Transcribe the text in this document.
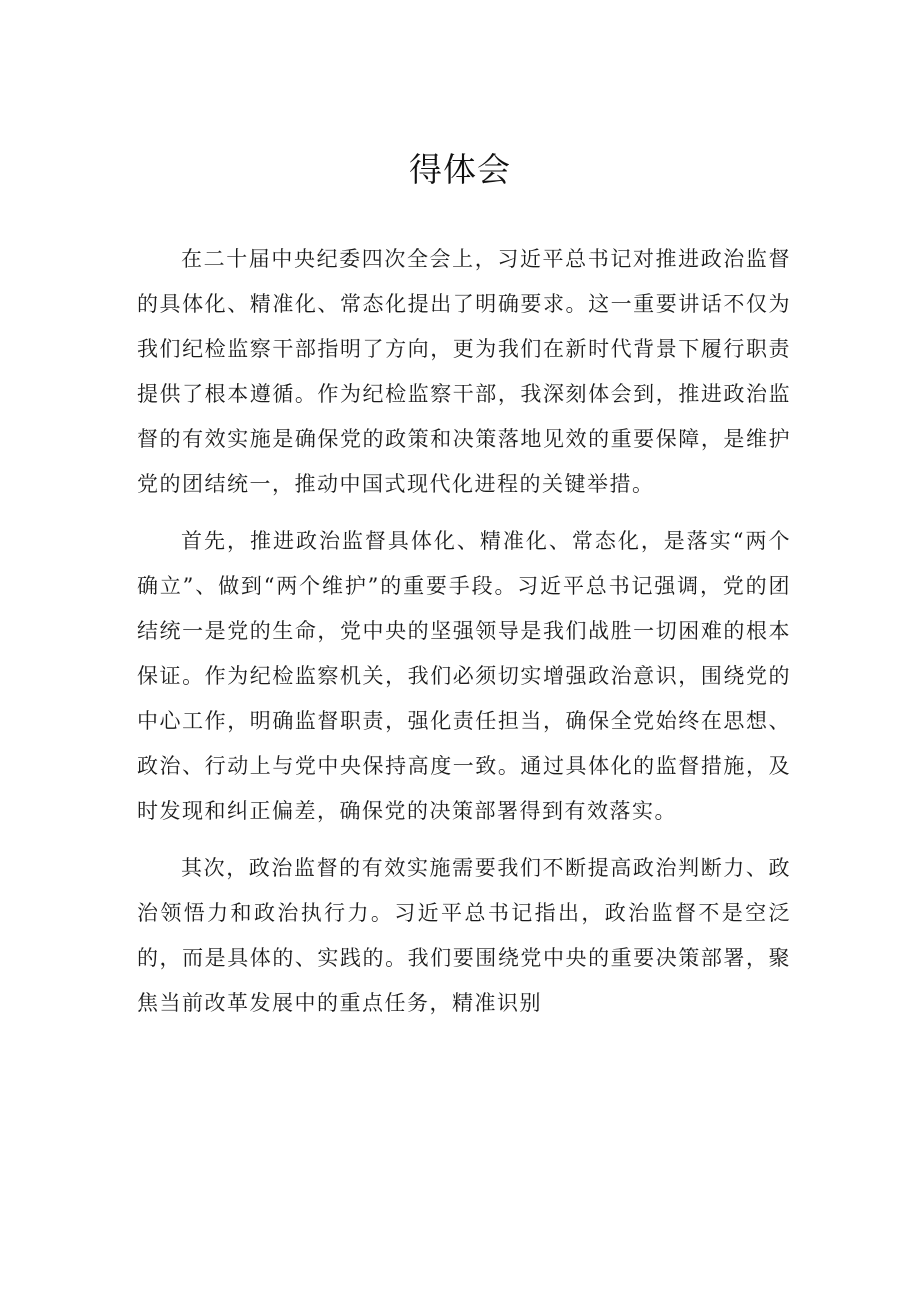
得体会

在二十届中央纪委四次全会上，习近平总书记对推进政治监督的具体化、精准化、常态化提出了明确要求。这一重要讲话不仅为我们纪检监察干部指明了方向，更为我们在新时代背景下履行职责提供了根本遵循。作为纪检监察干部，我深刻体会到，推进政治监督的有效实施是确保党的政策和决策落地见效的重要保障，是维护党的团结统一，推动中国式现代化进程的关键举措。

首先，推进政治监督具体化、精准化、常态化，是落实“两个确立”、做到“两个维护”的重要手段。习近平总书记强调，党的团结统一是党的生命，党中央的坚强领导是我们战胜一切困难的根本保证。作为纪检监察机关，我们必须切实增强政治意识，围绕党的中心工作，明确监督职责，强化责任担当，确保全党始终在思想、政治、行动上与党中央保持高度一致。通过具体化的监督措施，及时发现和纠正偏差，确保党的决策部署得到有效落实。

其次，政治监督的有效实施需要我们不断提高政治判断力、政治领悟力和政治执行力。习近平总书记指出，政治监督不是空泛的，而是具体的、实践的。我们要围绕党中央的重要决策部署，聚焦当前改革发展中的重点任务，精准识别
